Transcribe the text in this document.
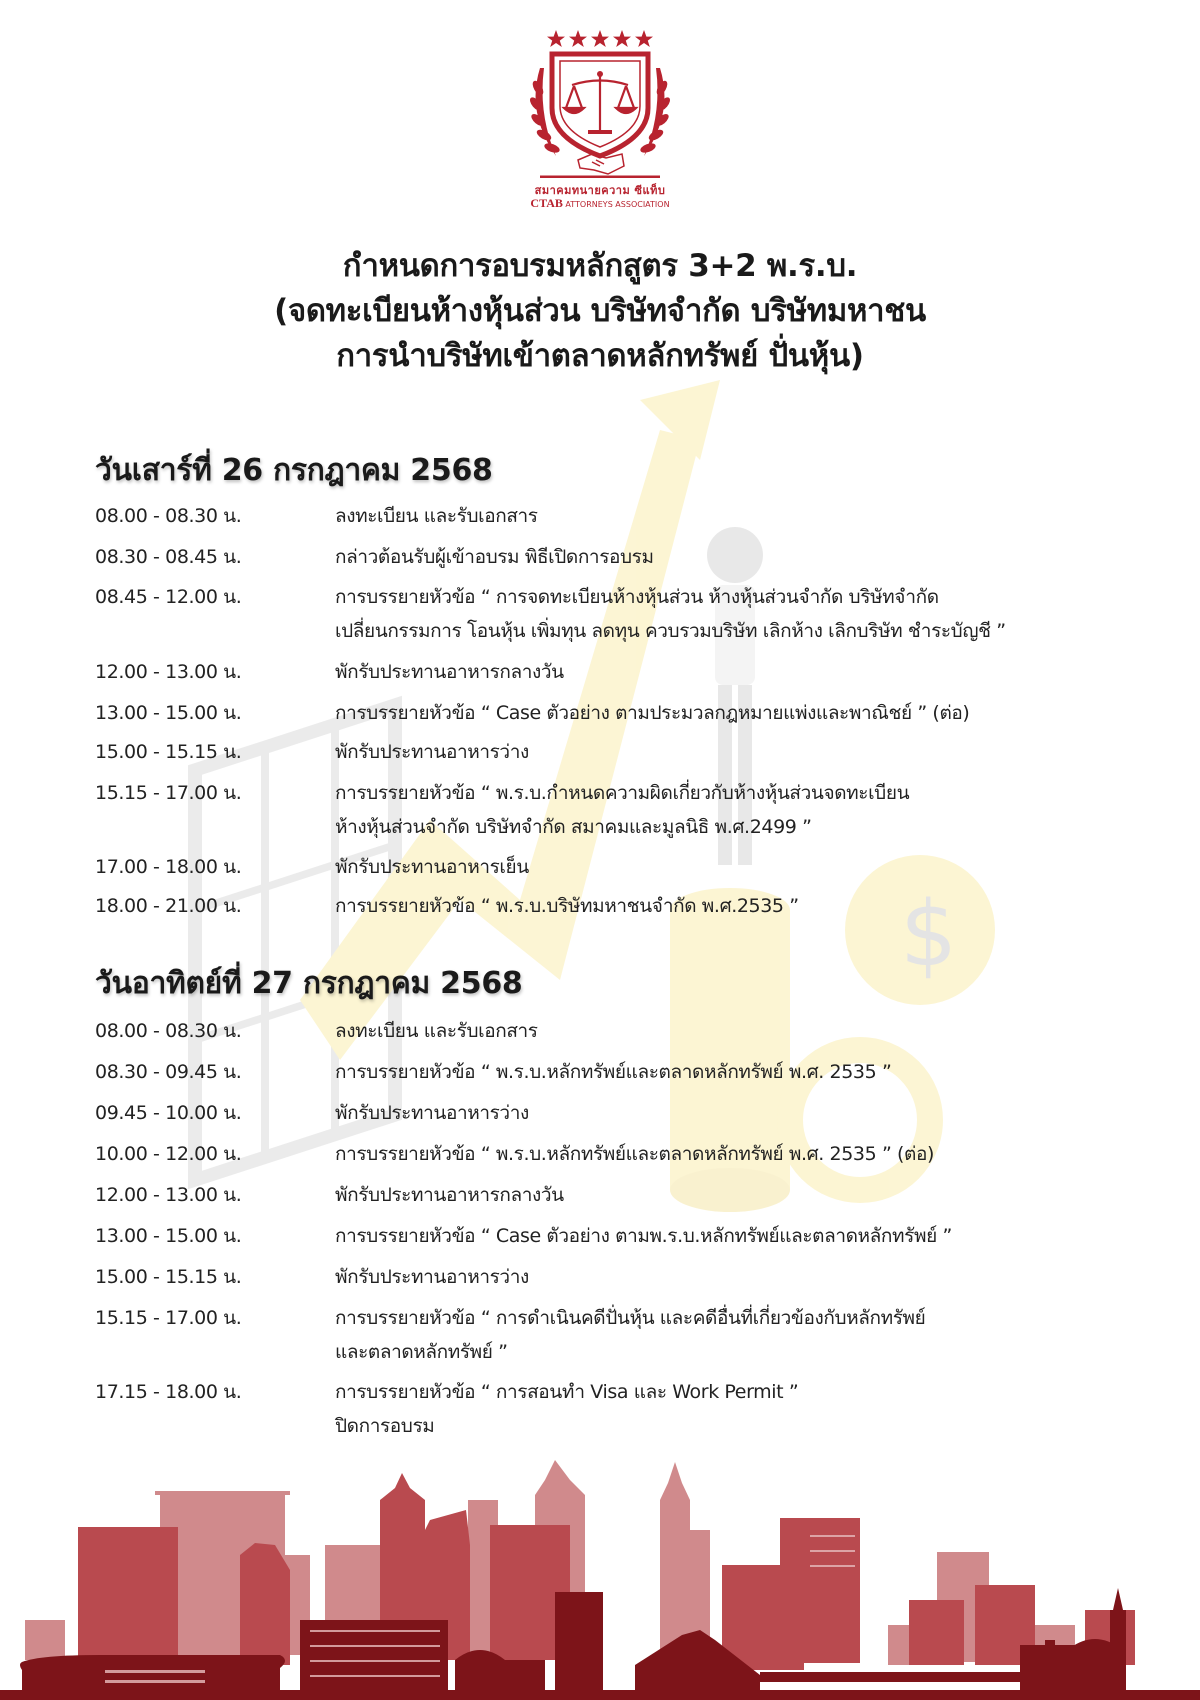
$
สมาคมทนายความ ซีแท็บ
CTAB ATTORNEYS ASSOCIATION
กำหนดการอบรมหลักสูตร 3+2 พ.ร.บ.
(จดทะเบียนห้างหุ้นส่วน บริษัทจำกัด บริษัทมหาชน
การนำบริษัทเข้าตลาดหลักทรัพย์ ปั่นหุ้น)
วันเสาร์ที่ 26 กรกฎาคม 2568
08.00 - 08.30 น.	ลงทะเบียน และรับเอกสาร
08.30 - 08.45 น.	กล่าวต้อนรับผู้เข้าอบรม พิธีเปิดการอบรม
08.45 - 12.00 น.	การบรรยายหัวข้อ “ การจดทะเบียนห้างหุ้นส่วน ห้างหุ้นส่วนจำกัด บริษัทจำกัด
เปลี่ยนกรรมการ โอนหุ้น เพิ่มทุน ลดทุน ควบรวมบริษัท เลิกห้าง เลิกบริษัท ชำระบัญชี ”
12.00 - 13.00 น.	พักรับประทานอาหารกลางวัน
13.00 - 15.00 น.	การบรรยายหัวข้อ “ Case ตัวอย่าง ตามประมวลกฎหมายแพ่งและพาณิชย์ ” (ต่อ)
15.00 - 15.15 น.	พักรับประทานอาหารว่าง
15.15 - 17.00 น.	การบรรยายหัวข้อ “ พ.ร.บ.กำหนดความผิดเกี่ยวกับห้างหุ้นส่วนจดทะเบียน
ห้างหุ้นส่วนจำกัด บริษัทจำกัด สมาคมและมูลนิธิ พ.ศ.2499 ”
17.00 - 18.00 น.	พักรับประทานอาหารเย็น
18.00 - 21.00 น.	การบรรยายหัวข้อ “ พ.ร.บ.บริษัทมหาชนจำกัด พ.ศ.2535 ”
วันอาทิตย์ที่ 27 กรกฎาคม 2568
08.00 - 08.30 น.	ลงทะเบียน และรับเอกสาร
08.30 - 09.45 น.	การบรรยายหัวข้อ “ พ.ร.บ.หลักทรัพย์และตลาดหลักทรัพย์ พ.ศ. 2535 ”
09.45 - 10.00 น.	พักรับประทานอาหารว่าง
10.00 - 12.00 น.	การบรรยายหัวข้อ “ พ.ร.บ.หลักทรัพย์และตลาดหลักทรัพย์ พ.ศ. 2535 ” (ต่อ)
12.00 - 13.00 น.	พักรับประทานอาหารกลางวัน
13.00 - 15.00 น.	การบรรยายหัวข้อ “ Case ตัวอย่าง ตามพ.ร.บ.หลักทรัพย์และตลาดหลักทรัพย์ ”
15.00 - 15.15 น.	พักรับประทานอาหารว่าง
15.15 - 17.00 น.	การบรรยายหัวข้อ “ การดำเนินคดีปั่นหุ้น และคดีอื่นที่เกี่ยวข้องกับหลักทรัพย์
และตลาดหลักทรัพย์ ”
17.15 - 18.00 น.	การบรรยายหัวข้อ “ การสอนทำ Visa และ Work Permit ”
ปิดการอบรม
